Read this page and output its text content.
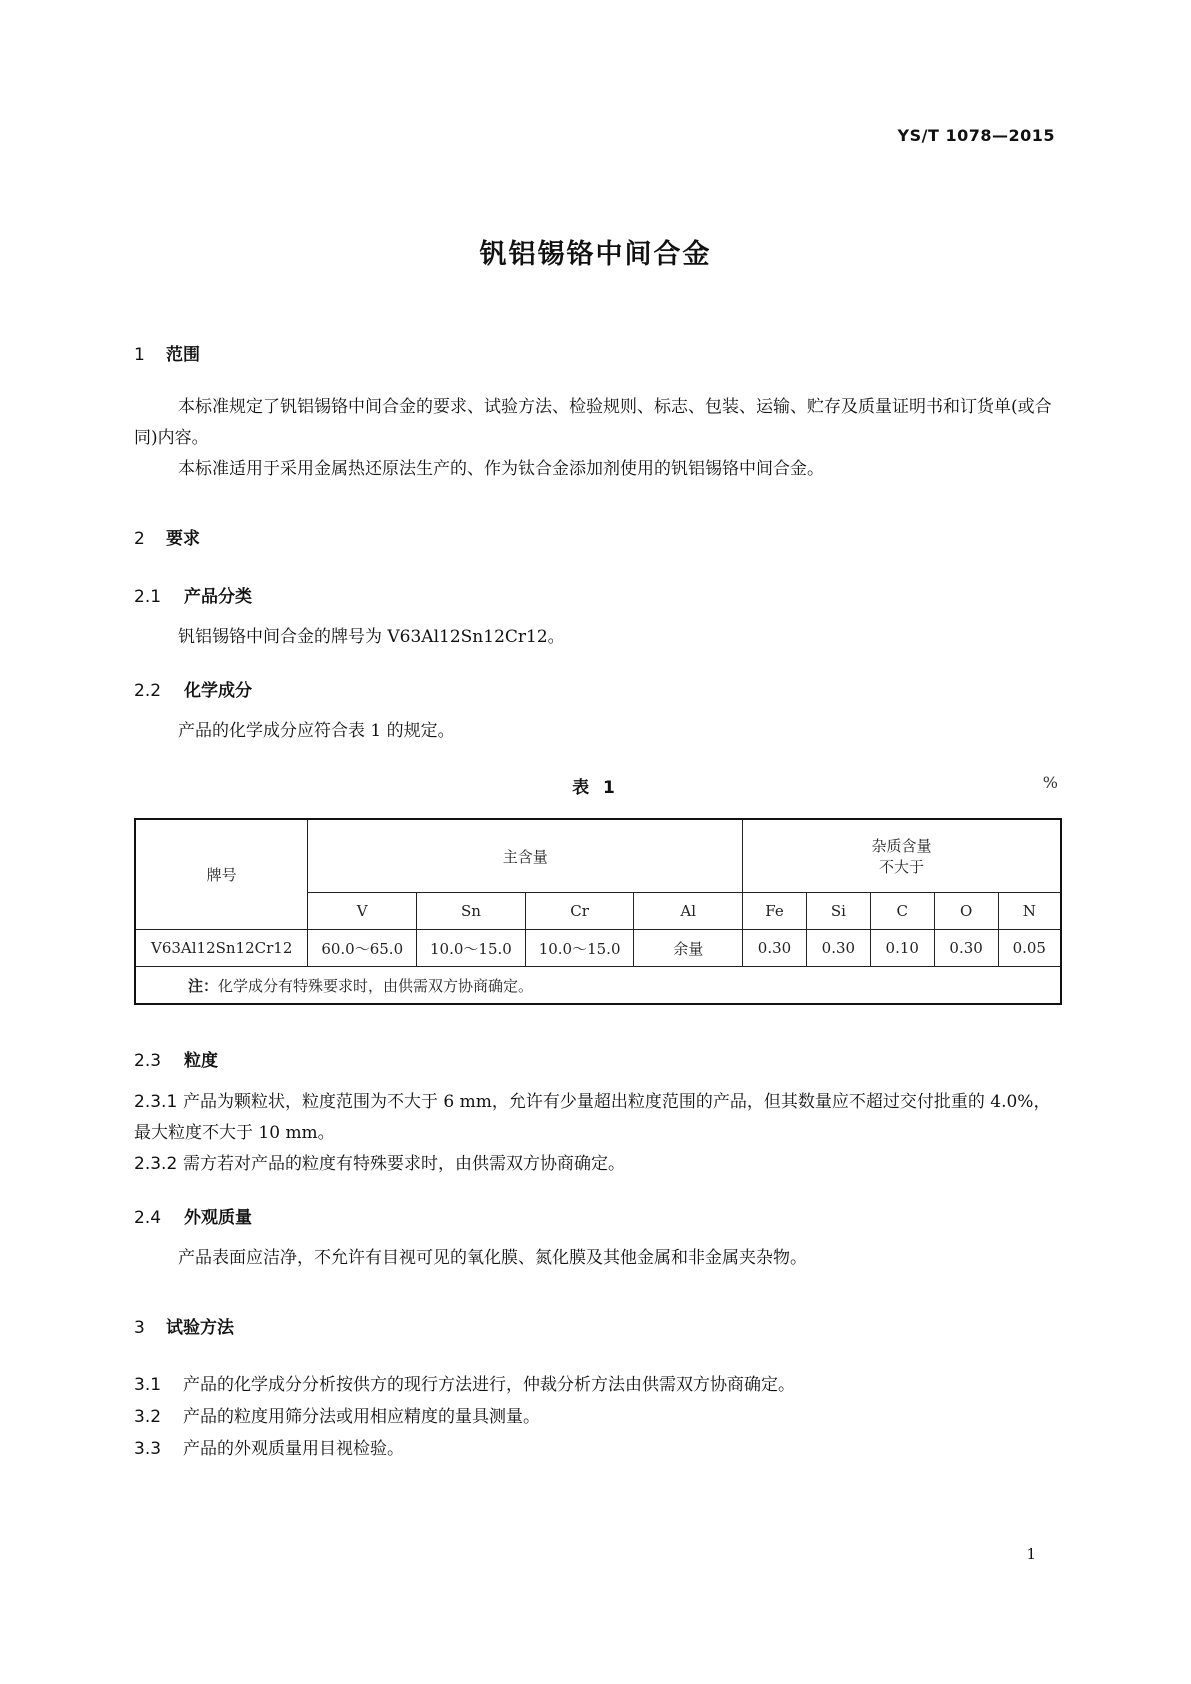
YS/T 1078—2015
钒铝锡铬中间合金
1 范围
本标准规定了钒铝锡铬中间合金的要求、试验方法、检验规则、标志、包装、运输、贮存及质量证明书和订货单(或合同)内容。
本标准适用于采用金属热还原法生产的、作为钛合金添加剂使用的钒铝锡铬中间合金。
2 要求
2.1 产品分类
钒铝锡铬中间合金的牌号为 V63Al12Sn12Cr12。
2.2 化学成分
产品的化学成分应符合表 1 的规定。
表 1	%
牌号	主含量				杂质含量
不大于				

	V	Sn	Cr	Al	Fe	Si	C	O	N
V63Al12Sn12Cr12	60.0～65.0	10.0～15.0	10.0～15.0	余量	0.30	0.30	0.10	0.30	0.05
注：化学成分有特殊要求时，由供需双方协商确定。									
2.3 粒度
2.3.1 产品为颗粒状，粒度范围为不大于 6 mm，允许有少量超出粒度范围的产品，但其数量应不超过交付批重的 4.0%，最大粒度不大于 10 mm。
2.3.2 需方若对产品的粒度有特殊要求时，由供需双方协商确定。
2.4 外观质量
产品表面应洁净，不允许有目视可见的氧化膜、氮化膜及其他金属和非金属夹杂物。
3 试验方法
3.1 产品的化学成分分析按供方的现行方法进行，仲裁分析方法由供需双方协商确定。
3.2 产品的粒度用筛分法或用相应精度的量具测量。
3.3 产品的外观质量用目视检验。
1
